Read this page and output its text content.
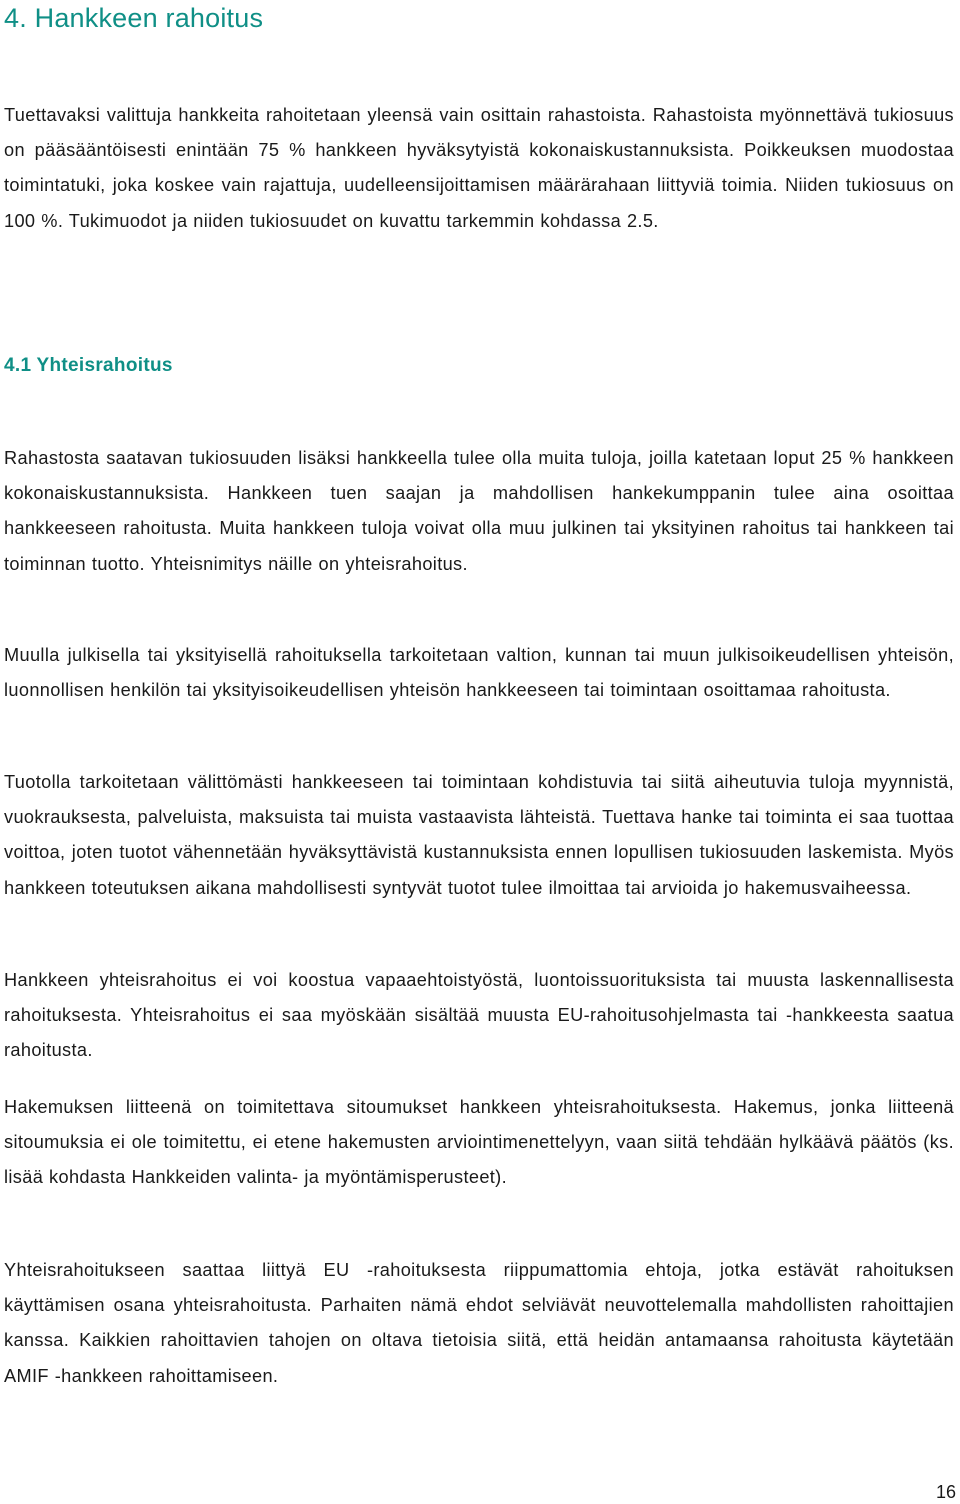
4. Hankkeen rahoitus

Tuettavaksi valittuja hankkeita rahoitetaan yleensä vain osittain rahastoista. Rahastoista myönnettävä tukiosuus on pääsääntöisesti enintään 75 % hankkeen hyväksytyistä kokonaiskustannuksista. Poikkeuksen muodostaa toimintatuki, joka koskee vain rajattuja, uudelleensijoittamisen määrärahaan liittyviä toimia. Niiden tukiosuus on 100 %. Tukimuodot ja niiden tukiosuudet on kuvattu tarkemmin kohdassa 2.5.

4.1 Yhteisrahoitus

Rahastosta saatavan tukiosuuden lisäksi hankkeella tulee olla muita tuloja, joilla katetaan loput 25 % hankkeen kokonaiskustannuksista. Hankkeen tuen saajan ja mahdollisen hankekumppanin tulee aina osoittaa hankkeeseen rahoitusta. Muita hankkeen tuloja voivat olla muu julkinen tai yksityinen rahoitus tai hankkeen tai toiminnan tuotto. Yhteisnimitys näille on yhteisrahoitus.

Muulla julkisella tai yksityisellä rahoituksella tarkoitetaan valtion, kunnan tai muun julkisoikeudellisen yhteisön, luonnollisen henkilön tai yksityisoikeudellisen yhteisön hankkeeseen tai toimintaan osoittamaa rahoitusta.

Tuotolla tarkoitetaan välittömästi hankkeeseen tai toimintaan kohdistuvia tai siitä aiheutuvia tuloja myynnistä, vuokrauksesta, palveluista, maksuista tai muista vastaavista lähteistä. Tuettava hanke tai toiminta ei saa tuottaa voittoa, joten tuotot vähennetään hyväksyttävistä kustannuksista ennen lopullisen tukiosuuden laskemista. Myös hankkeen toteutuksen aikana mahdollisesti syntyvät tuotot tulee ilmoittaa tai arvioida jo hakemusvaiheessa.

Hankkeen yhteisrahoitus ei voi koostua vapaaehtoistyöstä, luontoissuorituksista tai muusta laskennallisesta rahoituksesta. Yhteisrahoitus ei saa myöskään sisältää muusta EU-rahoitusohjelmasta tai -hankkeesta saatua rahoitusta.

Hakemuksen liitteenä on toimitettava sitoumukset hankkeen yhteisrahoituksesta. Hakemus, jonka liitteenä sitoumuksia ei ole toimitettu, ei etene hakemusten arviointimenettelyyn, vaan siitä tehdään hylkäävä päätös (ks. lisää kohdasta Hankkeiden valinta- ja myöntämisperusteet).

Yhteisrahoitukseen saattaa liittyä EU -rahoituksesta riippumattomia ehtoja, jotka estävät rahoituksen käyttämisen osana yhteisrahoitusta. Parhaiten nämä ehdot selviävät neuvottelemalla mahdollisten rahoittajien kanssa. Kaikkien rahoittavien tahojen on oltava tietoisia siitä, että heidän antamaansa rahoitusta käytetään AMIF -hankkeen rahoittamiseen.

16
